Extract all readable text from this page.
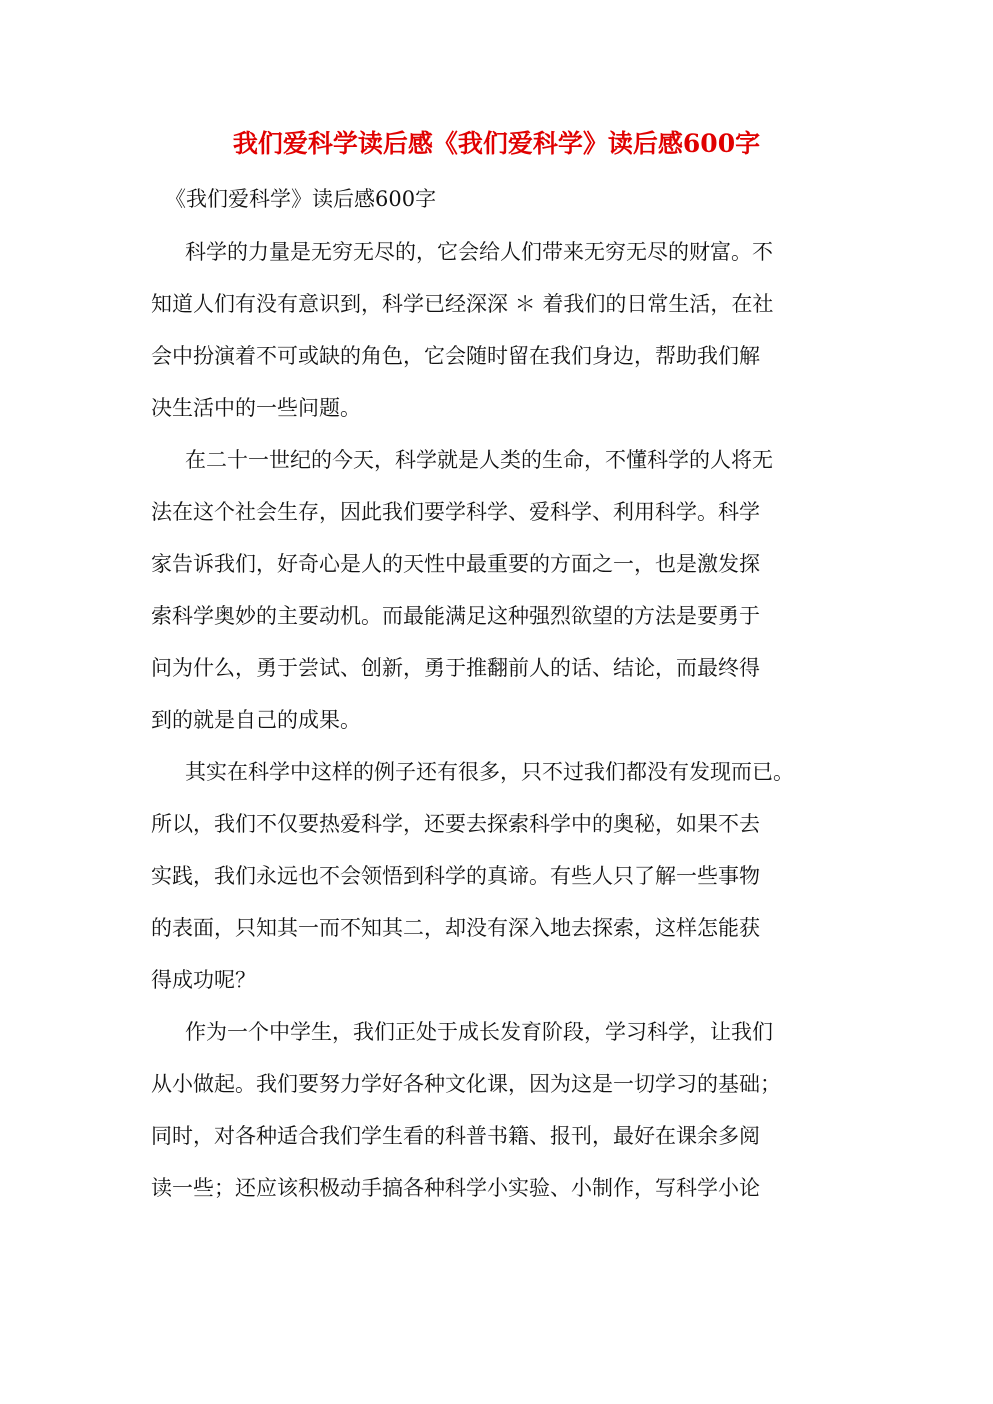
我们爱科学读后感《我们爱科学》读后感600字
《我们爱科学》读后感600字
科学的力量是无穷无尽的，它会给人们带来无穷无尽的财富。不
知道人们有没有意识到，科学已经深深 ＊ 着我们的日常生活，在社
会中扮演着不可或缺的角色，它会随时留在我们身边，帮助我们解
决生活中的一些问题。
在二十一世纪的今天，科学就是人类的生命，不懂科学的人将无
法在这个社会生存，因此我们要学科学、爱科学、利用科学。科学
家告诉我们，好奇心是人的天性中最重要的方面之一，也是激发探
索科学奥妙的主要动机。而最能满足这种强烈欲望的方法是要勇于
问为什么，勇于尝试、创新，勇于推翻前人的话、结论，而最终得
到的就是自己的成果。
其实在科学中这样的例子还有很多，只不过我们都没有发现而已。
所以，我们不仅要热爱科学，还要去探索科学中的奥秘，如果不去
实践，我们永远也不会领悟到科学的真谛。有些人只了解一些事物
的表面，只知其一而不知其二，却没有深入地去探索，这样怎能获
得成功呢？
作为一个中学生，我们正处于成长发育阶段，学习科学，让我们
从小做起。我们要努力学好各种文化课，因为这是一切学习的基础；
同时，对各种适合我们学生看的科普书籍、报刊，最好在课余多阅
读一些；还应该积极动手搞各种科学小实验、小制作，写科学小论
